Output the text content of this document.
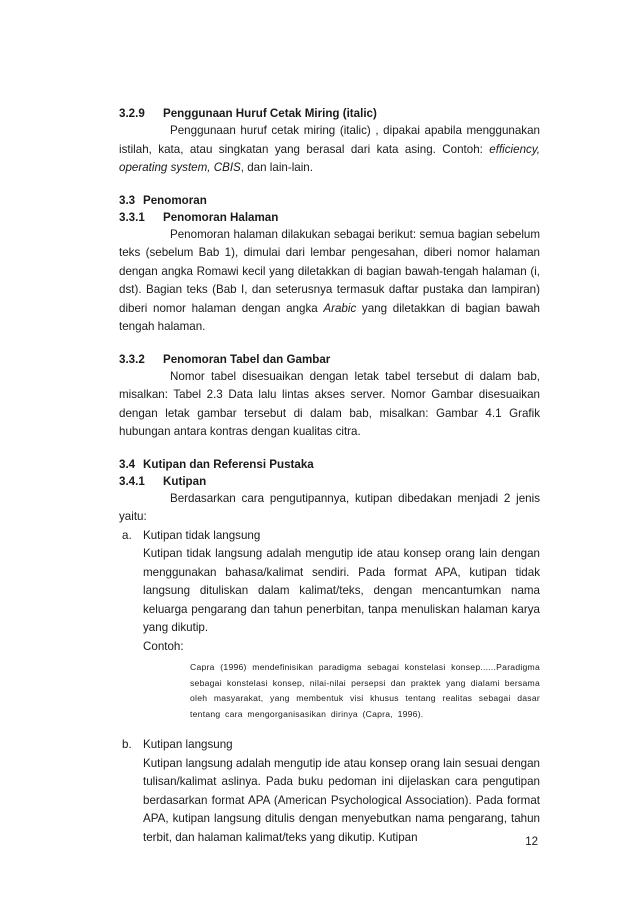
3.2.9 Penggunaan Huruf Cetak Miring (italic)

Penggunaan huruf cetak miring (italic) , dipakai apabila menggunakan istilah, kata, atau singkatan yang berasal dari kata asing. Contoh: efficiency, operating system, CBIS, dan lain-lain.

3.3 Penomoran
3.3.1 Penomoran Halaman

Penomoran halaman dilakukan sebagai berikut: semua bagian sebelum teks (sebelum Bab 1), dimulai dari lembar pengesahan, diberi nomor halaman dengan angka Romawi kecil yang diletakkan di bagian bawah-tengah halaman (i, dst). Bagian teks (Bab I, dan seterusnya termasuk daftar pustaka dan lampiran) diberi nomor halaman dengan angka Arabic yang diletakkan di bagian bawah tengah halaman.

3.3.2 Penomoran Tabel dan Gambar

Nomor tabel disesuaikan dengan letak tabel tersebut di dalam bab, misalkan: Tabel 2.3 Data lalu lintas akses server. Nomor Gambar disesuaikan dengan letak gambar tersebut di dalam bab, misalkan: Gambar 4.1 Grafik hubungan antara kontras dengan kualitas citra.

3.4 Kutipan dan Referensi Pustaka
3.4.1 Kutipan

Berdasarkan cara pengutipannya, kutipan dibedakan menjadi 2 jenis yaitu:

a. Kutipan tidak langsung

Kutipan tidak langsung adalah mengutip ide atau konsep orang lain dengan menggunakan bahasa/kalimat sendiri. Pada format APA, kutipan tidak langsung dituliskan dalam kalimat/teks, dengan mencantumkan nama keluarga pengarang dan tahun penerbitan, tanpa menuliskan halaman karya yang dikutip.

Contoh:

Capra (1996) mendefinisikan paradigma sebagai konstelasi konsep......Paradigma sebagai konstelasi konsep, nilai-nilai persepsi dan praktek yang dialami bersama oleh masyarakat, yang membentuk visi khusus tentang realitas sebagai dasar tentang cara mengorganisasikan dirinya (Capra, 1996).

b. Kutipan langsung

Kutipan langsung adalah mengutip ide atau konsep orang lain sesuai dengan tulisan/kalimat aslinya. Pada buku pedoman ini dijelaskan cara pengutipan berdasarkan format APA (American Psychological Association). Pada format APA, kutipan langsung ditulis dengan menyebutkan nama pengarang, tahun terbit, dan halaman kalimat/teks yang dikutip. Kutipan	12
